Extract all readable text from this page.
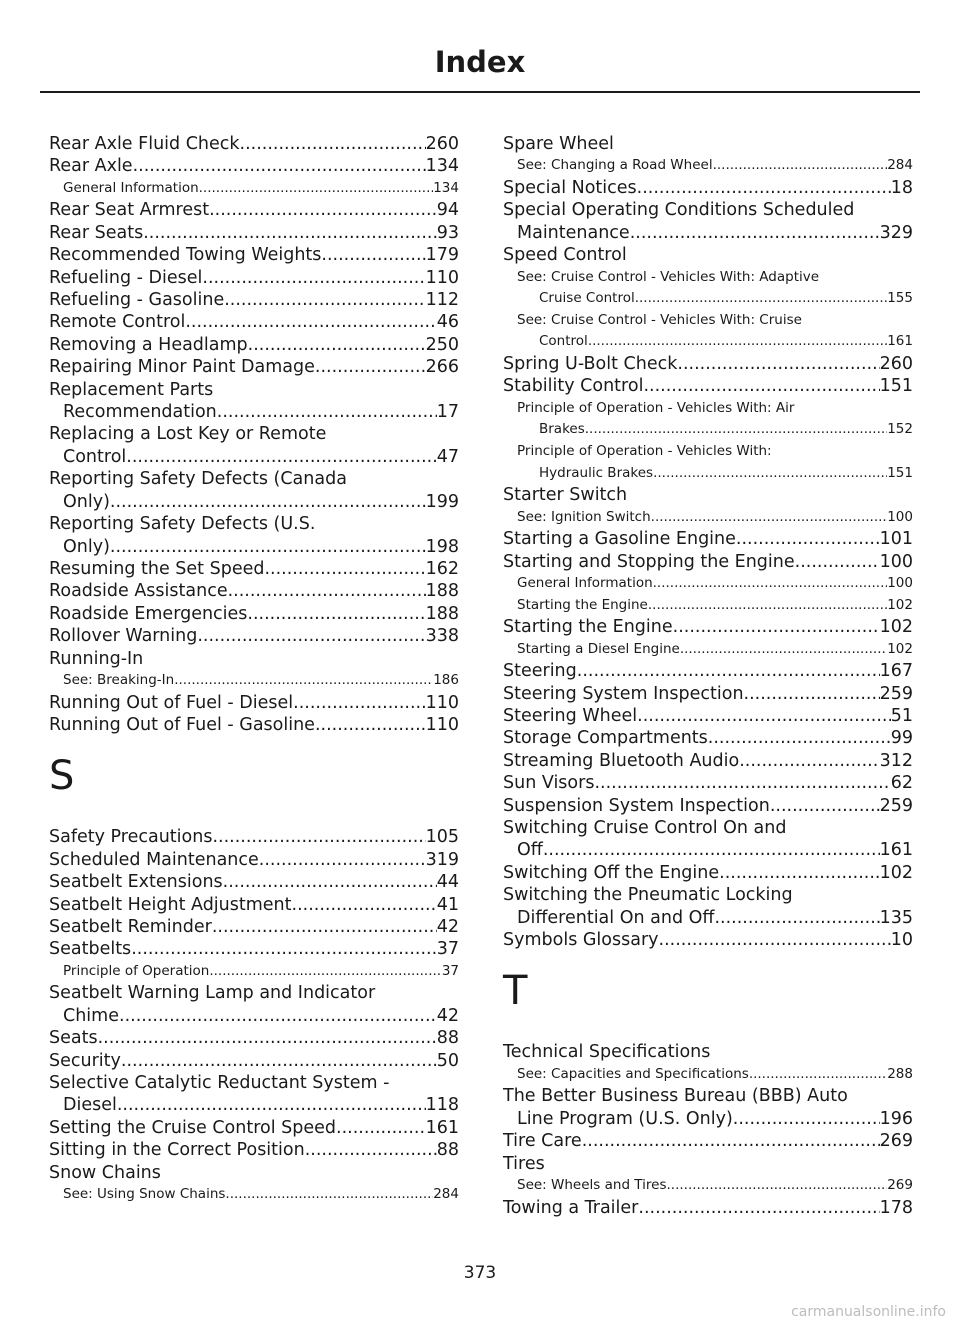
Index
Rear Axle Fluid Check .....	260
Rear Axle .....	134
General Information .....	134
Rear Seat Armrest .....	94
Rear Seats .....	93
Recommended Towing Weights .....	179
Refueling - Diesel .....	110
Refueling - Gasoline .....	112
Remote Control .....	46
Removing a Headlamp .....	250
Repairing Minor Paint Damage .....	266
Replacement Parts
Recommendation .....	17
Replacing a Lost Key or Remote
Control .....	47
Reporting Safety Defects (Canada
Only) .....	199
Reporting Safety Defects (U.S.
Only) .....	198
Resuming the Set Speed .....	162
Roadside Assistance .....	188
Roadside Emergencies .....	188
Rollover Warning .....	338
Running-In
See: Breaking-In .....	186
Running Out of Fuel - Diesel .....	110
Running Out of Fuel - Gasoline .....	110
S
Safety Precautions .....	105
Scheduled Maintenance .....	319
Seatbelt Extensions .....	44
Seatbelt Height Adjustment .....	41
Seatbelt Reminder .....	42
Seatbelts .....	37
Principle of Operation .....	37
Seatbelt Warning Lamp and Indicator
Chime .....	42
Seats .....	88
Security .....	50
Selective Catalytic Reductant System -
Diesel .....	118
Setting the Cruise Control Speed .....	161
Sitting in the Correct Position .....	88
Snow Chains
See: Using Snow Chains .....	284
Spare Wheel
See: Changing a Road Wheel .....	284
Special Notices .....	18
Special Operating Conditions Scheduled
Maintenance .....	329
Speed Control
See: Cruise Control - Vehicles With: Adaptive
Cruise Control .....	155
See: Cruise Control - Vehicles With: Cruise
Control .....	161
Spring U-Bolt Check .....	260
Stability Control .....	151
Principle of Operation - Vehicles With: Air
Brakes .....	152
Principle of Operation - Vehicles With:
Hydraulic Brakes .....	151
Starter Switch
See: Ignition Switch .....	100
Starting a Gasoline Engine .....	101
Starting and Stopping the Engine .....	100
General Information .....	100
Starting the Engine .....	102
Starting the Engine .....	102
Starting a Diesel Engine .....	102
Steering .....	167
Steering System Inspection .....	259
Steering Wheel .....	51
Storage Compartments .....	99
Streaming Bluetooth Audio .....	312
Sun Visors .....	62
Suspension System Inspection .....	259
Switching Cruise Control On and
Off .....	161
Switching Off the Engine .....	102
Switching the Pneumatic Locking
Differential On and Off .....	135
Symbols Glossary .....	10
T
Technical Specifications
See: Capacities and Specifications .....	288
The Better Business Bureau (BBB) Auto
Line Program (U.S. Only) .....	196
Tire Care .....	269
Tires
See: Wheels and Tires .....	269
Towing a Trailer .....	178
373
carmanualsonline.info
